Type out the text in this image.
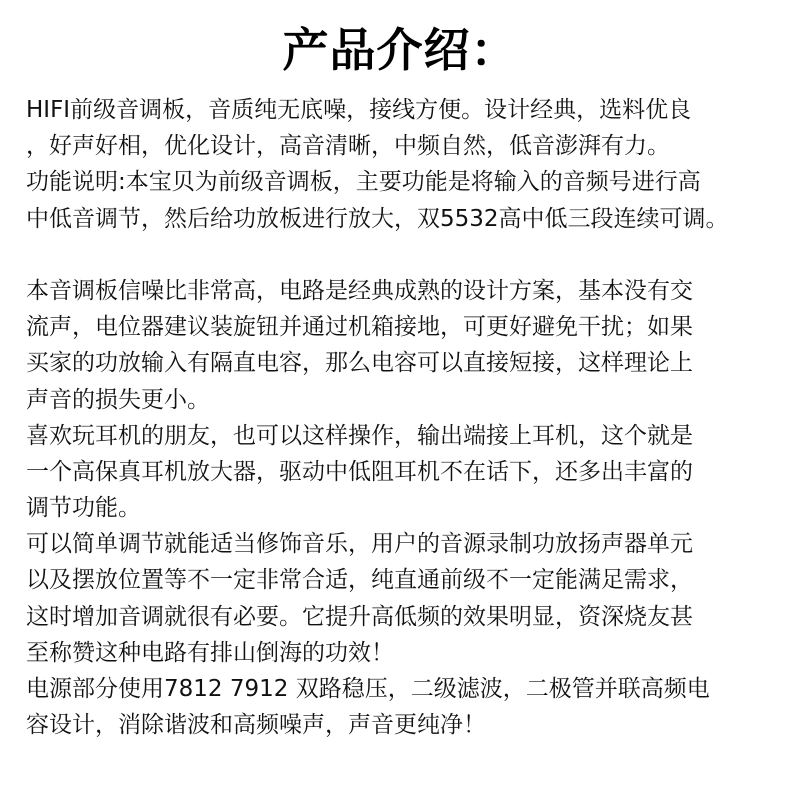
产品介绍：
HIFI前级音调板，音质纯无底噪，接线方便。设计经典，选料优良
，好声好相，优化设计，高音清晰，中频自然，低音澎湃有力。
功能说明:本宝贝为前级音调板，主要功能是将输入的音频号进行高
中低音调节，然后给功放板进行放大，双5532高中低三段连续可调。
本音调板信噪比非常高，电路是经典成熟的设计方案，基本没有交
流声，电位器建议装旋钮并通过机箱接地，可更好避免干扰；如果
买家的功放输入有隔直电容，那么电容可以直接短接，这样理论上
声音的损失更小。
喜欢玩耳机的朋友，也可以这样操作，输出端接上耳机，这个就是
一个高保真耳机放大器，驱动中低阻耳机不在话下，还多出丰富的
调节功能。
可以简单调节就能适当修饰音乐，用户的音源录制功放扬声器单元
以及摆放位置等不一定非常合适，纯直通前级不一定能满足需求，
这时增加音调就很有必要。它提升高低频的效果明显，资深烧友甚
至称赞这种电路有排山倒海的功效！
电源部分使用7812 7912 双路稳压，二级滤波，二极管并联高频电
容设计，消除谐波和高频噪声，声音更纯净！
